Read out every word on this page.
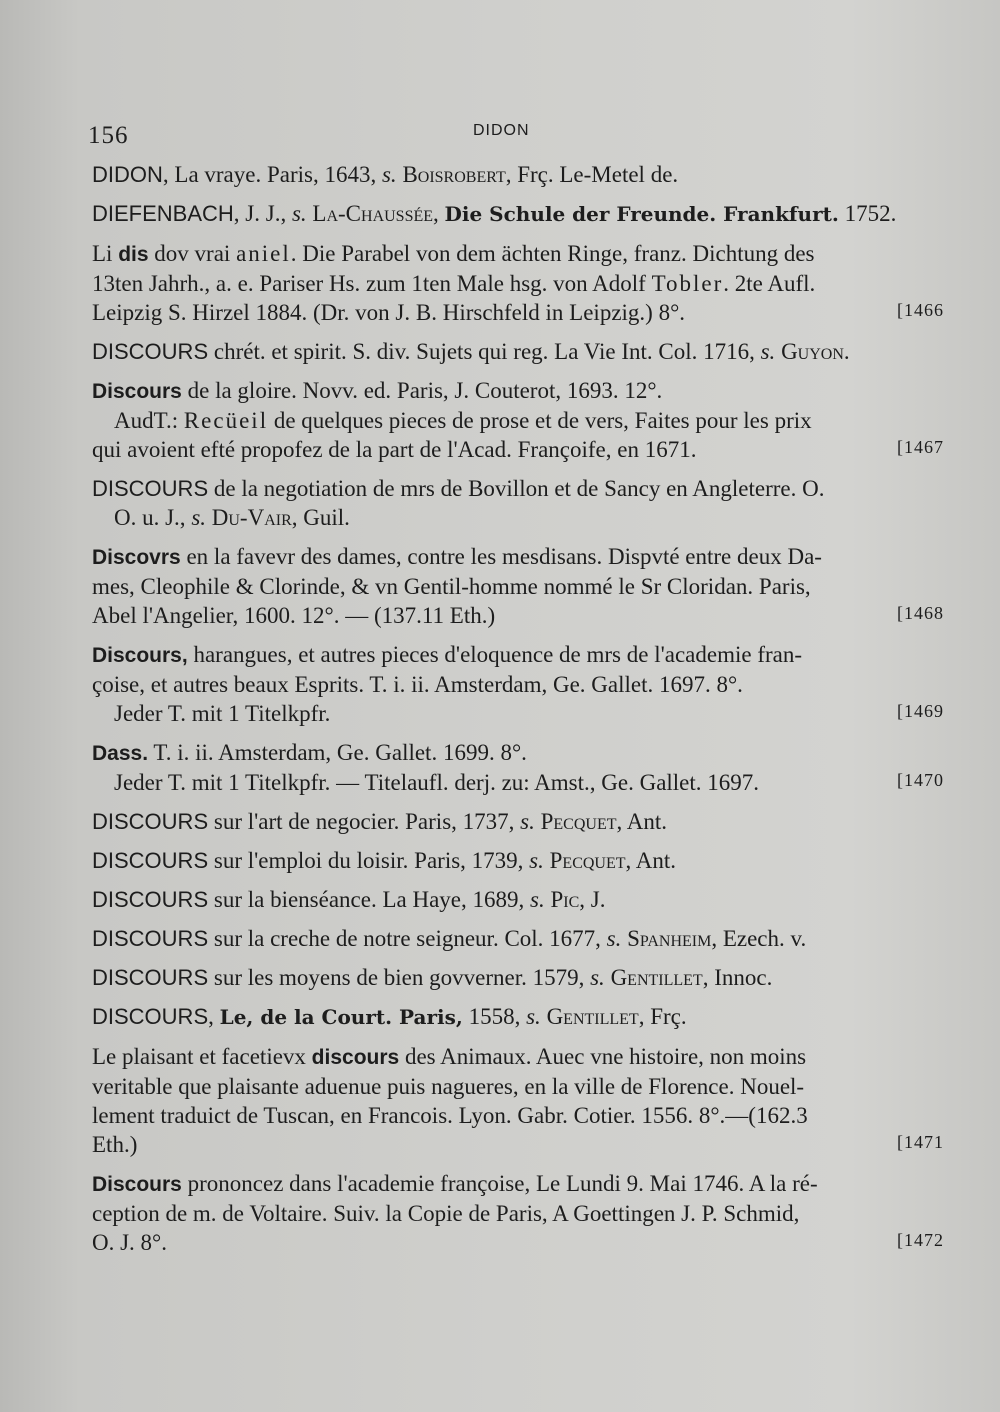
156	DIDON
DIDON, La vrayе. Paris, 1643, s. Boisrobert, Frç. Le-Metel de.
DIEFENBACH, J. J., s. La-Chaussée, Die Schule der Freunde. Frankfurt. 1752.
Li dis dov vrai aniel. Die Parabel von dem ächten Ringe, franz. Dichtung des
13ten Jahrh., a. e. Pariser Hs. zum 1ten Male hsg. von Adolf Tobler. 2te Aufl.
Leipzig S. Hirzel 1884. (Dr. von J. B. Hirschfeld in Leipzig.) 8°.	[1466
DISCOURS chrét. et spirit. S. div. Sujets qui reg. La Vie Int. Col. 1716, s. Guyon.
Discours de la gloire. Novv. ed. Paris, J. Couterot, 1693. 12°.
AudT.: Recüeil de quelques pieces de prose et de vers, Faites pour les prix
qui avoient efté propofez de la part de l'Acad. Françoife, en 1671.	[1467
DISCOURS de la negotiation de mrs de Bovillon et de Sancy en Angleterre. O.
O. u. J., s. Du-Vair, Guil.
Discovrs en la favevr des dames, contre les mesdisans. Dispvté entre deux Da-
mes, Cleophile & Clorinde, & vn Gentil-homme nommé le Sr Cloridan. Paris,
Abel l'Angelier, 1600. 12°. — (137.11 Eth.)	[1468
Discours, harangues, et autres pieces d'eloquence de mrs de l'academie fran-
çoise, et autres beaux Esprits. T. i. ii. Amsterdam, Ge. Gallet. 1697. 8°.
Jeder T. mit 1 Titelkpfr.	[1469
Dass. T. i. ii. Amsterdam, Ge. Gallet. 1699. 8°.
Jeder T. mit 1 Titelkpfr. — Titelaufl. derj. zu: Amst., Ge. Gallet. 1697.	[1470
DISCOURS sur l'art de negocier. Paris, 1737, s. Pecquet, Ant.
DISCOURS sur l'emploi du loisir. Paris, 1739, s. Pecquet, Ant.
DISCOURS sur la bienséance. La Haye, 1689, s. Pic, J.
DISCOURS sur la creche de notre seigneur. Col. 1677, s. Spanheim, Ezech. v.
DISCOURS sur les moyens de bien govverner. 1579, s. Gentillet, Innoc.
DISCOURS, Le, de la Court. Paris, 1558, s. Gentillet, Frç.
Le plaisant et facetievx discours des Animaux. Auec vne histoire, non moins
veritable que plaisante aduenue puis nagueres, en la ville de Florence. Nouel-
lement traduict de Tuscan, en Francois. Lyon. Gabr. Cotier. 1556. 8°.—(162.3
Eth.)	[1471
Discours prononcez dans l'academie françoise, Le Lundi 9. Mai 1746. A la ré-
ception de m. de Voltaire. Suiv. la Copie de Paris, A Goettingen J. P. Schmid,
O. J. 8°.	[1472
